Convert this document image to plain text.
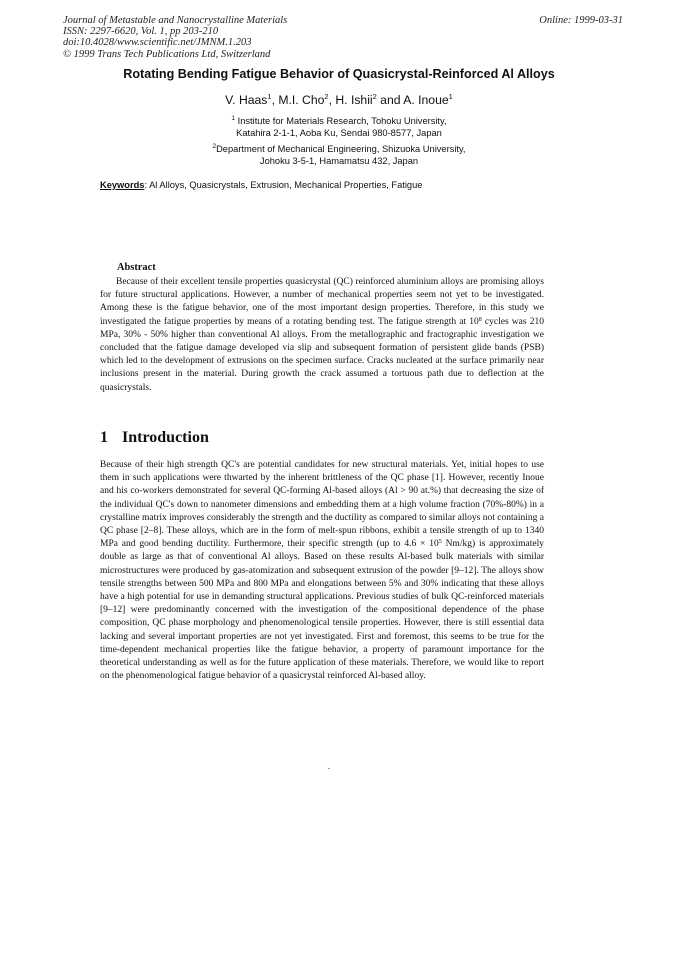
Journal of Metastable and Nanocrystalline Materials
ISSN: 2297-6620, Vol. 1, pp 203-210
doi:10.4028/www.scientific.net/JMNM.1.203
© 1999 Trans Tech Publications Ltd, Switzerland
Online: 1999-03-31
Rotating Bending Fatigue Behavior of Quasicrystal-Reinforced Al Alloys
V. Haas$^1$, M.I. Cho$^2$, H. Ishii$^2$ and A. Inoue$^1$
$^1$ Institute for Materials Research, Tohoku University,
Katahira 2-1-1, Aoba Ku, Sendai 980-8577, Japan
$^2$Department of Mechanical Engineering, Shizuoka University,
Johoku 3-5-1, Hamamatsu 432, Japan
Keywords: Al Alloys, Quasicrystals, Extrusion, Mechanical Properties, Fatigue
Abstract
Because of their excellent tensile properties quasicrystal (QC) reinforced aluminium alloys are promising alloys for future structural applications. However, a number of mechanical properties seem not yet to be investigated. Among these is the fatigue behavior, one of the most important design properties. Therefore, in this study we investigated the fatigue properties by means of a rotating bending test. The fatigue strength at $10^8$ cycles was 210 MPa, 30% - 50% higher than conventional Al alloys. From the metallographic and fractographic investigation we concluded that the fatigue damage developed via slip and subsequent formation of persistent glide bands (PSB) which led to the development of extrusions on the specimen surface. Cracks nucleated at the surface primarily near inclusions present in the material. During growth the crack assumed a tortuous path due to deflection at the quasicrystals.
1 Introduction
Because of their high strength QC's are potential candidates for new structural materials. Yet, initial hopes to use them in such applications were thwarted by the inherent brittleness of the QC phase [1]. However, recently Inoue and his co-workers demonstrated for several QC-forming Al-based alloys (Al > 90 at.%) that decreasing the size of the individual QC's down to nanometer dimensions and embedding them at a high volume fraction (70%-80%) in a crystalline matrix improves considerably the strength and the ductility as compared to similar alloys not containing a QC phase [2–8]. These alloys, which are in the form of melt-spun ribbons, exhibit a tensile strength of up to 1340 MPa and good bending ductility. Furthermore, their specific strength (up to $4.6 \times 10^5$ Nm/kg) is approximately double as large as that of conventional Al alloys. Based on these results Al-based bulk materials with similar microstructures were produced by gas-atomization and subsequent extrusion of the powder [9–12]. The alloys show tensile strengths between 500 MPa and 800 MPa and elongations between 5% and 30% indicating that these alloys have a high potential for use in demanding structural applications. Previous studies of bulk QC-reinforced materials [9–12] were predominantly concerned with the investigation of the compositional dependence of the phase composition, QC phase morphology and phenomenological tensile properties. However, there is still essential data lacking and several important properties are not yet investigated. First and foremost, this seems to be true for the time-dependent mechanical properties like the fatigue behavior, a property of paramount importance for the theoretical understanding as well as for the future application of these materials. Therefore, we would like to report on the phenomenological fatigue behavior of a quasicrystal reinforced Al-based alloy.
